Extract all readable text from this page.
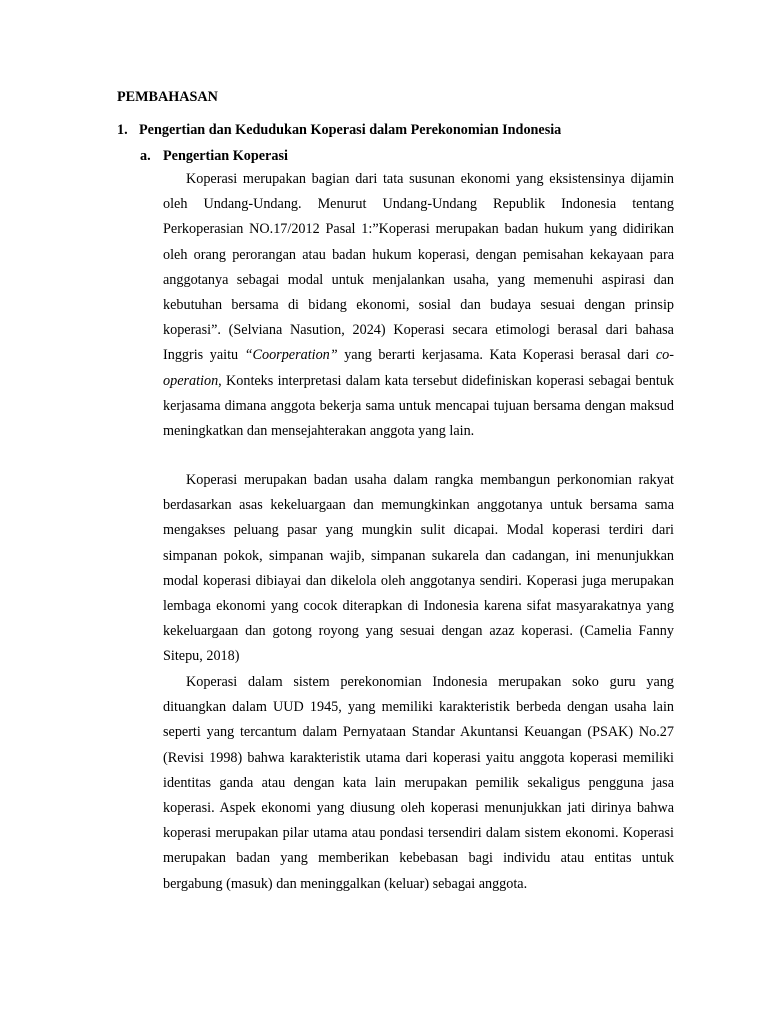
PEMBAHASAN
1. Pengertian dan Kedudukan Koperasi dalam Perekonomian Indonesia
a. Pengertian Koperasi

Koperasi merupakan bagian dari tata susunan ekonomi yang eksistensinya dijamin oleh Undang-Undang. Menurut Undang-Undang Republik Indonesia tentang Perkoperasian NO.17/2012 Pasal 1:”Koperasi merupakan badan hukum yang didirikan oleh orang perorangan atau badan hukum koperasi, dengan pemisahan kekayaan para anggotanya sebagai modal untuk menjalankan usaha, yang memenuhi aspirasi dan kebutuhan bersama di bidang ekonomi, sosial dan budaya sesuai dengan prinsip koperasi”. (Selviana Nasution, 2024) Koperasi secara etimologi berasal dari bahasa Inggris yaitu “Coorperation” yang berarti kerjasama. Kata Koperasi berasal dari co-operation, Konteks interpretasi dalam kata tersebut didefiniskan koperasi sebagai bentuk kerjasama dimana anggota bekerja sama untuk mencapai tujuan bersama dengan maksud meningkatkan dan mensejahterakan anggota yang lain.

Koperasi merupakan badan usaha dalam rangka membangun perkonomian rakyat berdasarkan asas kekeluargaan dan memungkinkan anggotanya untuk bersama sama mengakses peluang pasar yang mungkin sulit dicapai. Modal koperasi terdiri dari simpanan pokok, simpanan wajib, simpanan sukarela dan cadangan, ini menunjukkan modal koperasi dibiayai dan dikelola oleh anggotanya sendiri. Koperasi juga merupakan lembaga ekonomi yang cocok diterapkan di Indonesia karena sifat masyarakatnya yang kekeluargaan dan gotong royong yang sesuai dengan azaz koperasi. (Camelia Fanny Sitepu, 2018)

Koperasi dalam sistem perekonomian Indonesia merupakan soko guru yang dituangkan dalam UUD 1945, yang memiliki karakteristik berbeda dengan usaha lain seperti yang tercantum dalam Pernyataan Standar Akuntansi Keuangan (PSAK) No.27 (Revisi 1998) bahwa karakteristik utama dari koperasi yaitu anggota koperasi memiliki identitas ganda atau dengan kata lain merupakan pemilik sekaligus pengguna jasa koperasi. Aspek ekonomi yang diusung oleh koperasi menunjukkan jati dirinya bahwa koperasi merupakan pilar utama atau pondasi tersendiri dalam sistem ekonomi. Koperasi merupakan badan yang memberikan kebebasan bagi individu atau entitas untuk bergabung (masuk) dan meninggalkan (keluar) sebagai anggota.
